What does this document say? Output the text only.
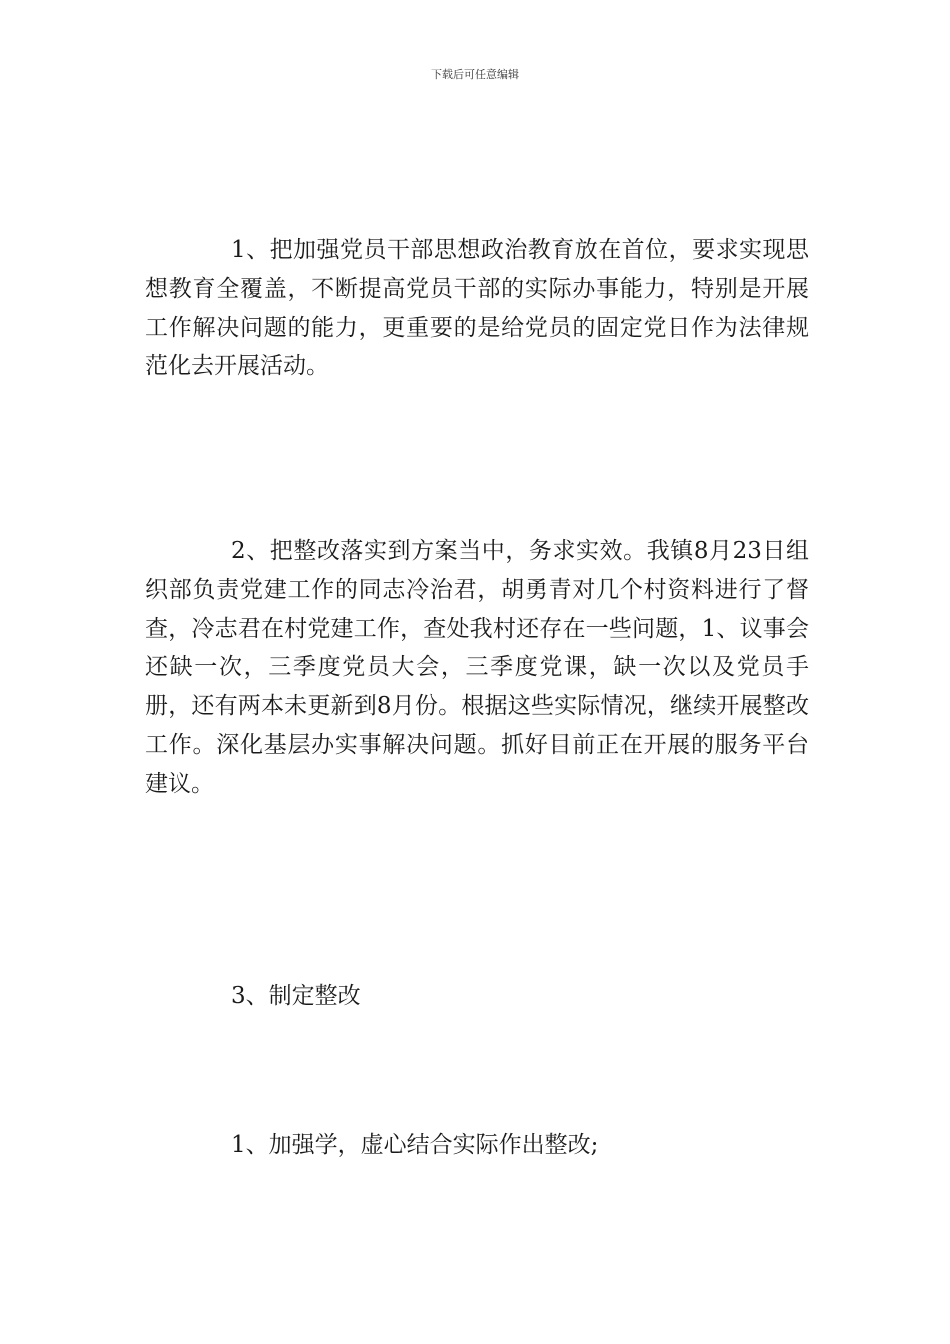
下载后可任意编辑

1、把加强党员干部思想政治教育放在首位，要求实现思想教育全覆盖，不断提高党员干部的实际办事能力，特别是开展工作解决问题的能力，更重要的是给党员的固定党日作为法律规范化去开展活动。

2、把整改落实到方案当中，务求实效。我镇8月23日组织部负责党建工作的同志冷治君，胡勇青对几个村资料进行了督查，冷志君在村党建工作，查处我村还存在一些问题，1、议事会还缺一次，三季度党员大会，三季度党课，缺一次以及党员手册，还有两本未更新到8月份。根据这些实际情况，继续开展整改工作。深化基层办实事解决问题。抓好目前正在开展的服务平台建议。

3、制定整改

1、加强学，虚心结合实际作出整改;
